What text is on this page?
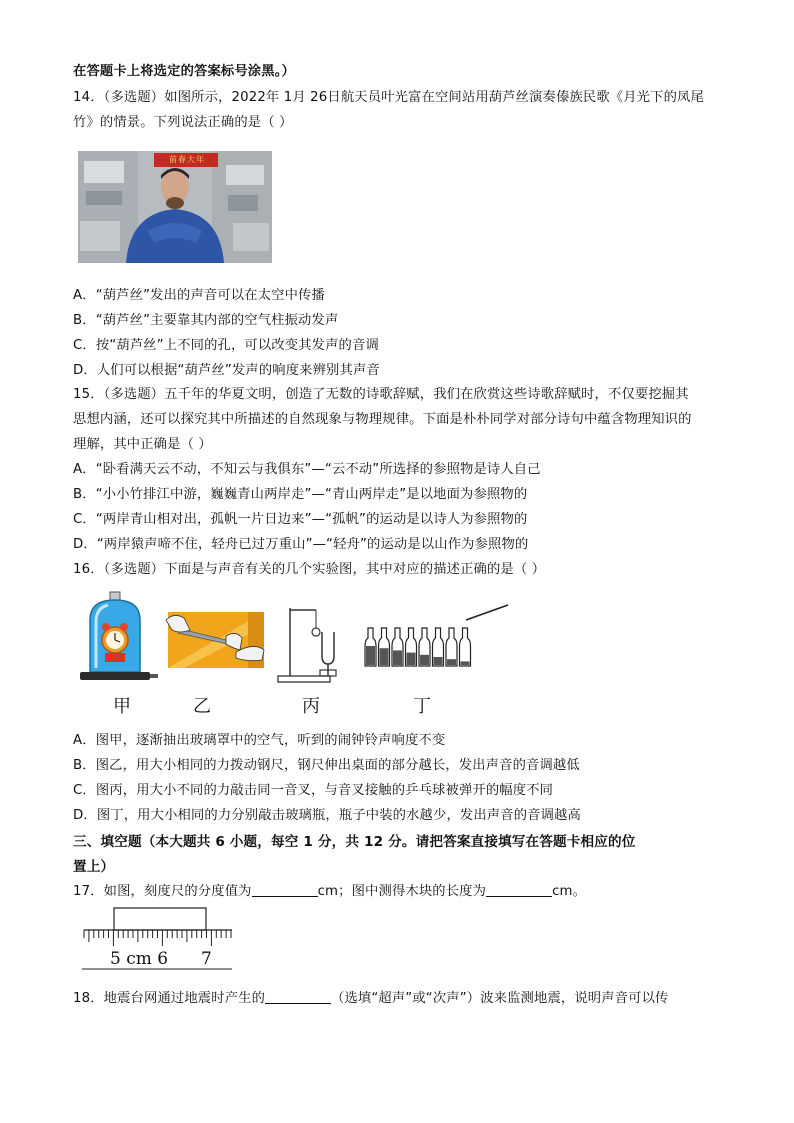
在答题卡上将选定的答案标号涂黑。）
14．（多选题）如图所示，2022年 1月 26日航天员叶光富在空间站用葫芦丝演奏傣族民歌《月光下的凤尾
竹》的情景。下列说法正确的是（ ）
前春大年
A．“葫芦丝”发出的声音可以在太空中传播
B．“葫芦丝”主要靠其内部的空气柱振动发声
C．按“葫芦丝”上不同的孔，可以改变其发声的音调
D．人们可以根据“葫芦丝”发声的响度来辨别其声音
15．（多选题）五千年的华夏文明，创造了无数的诗歌辞赋，我们在欣赏这些诗歌辞赋时，不仅要挖掘其
思想内涵，还可以探究其中所描述的自然现象与物理规律。下面是朴朴同学对部分诗句中蕴含物理知识的
理解，其中正确是（ ）
A．“卧看满天云不动，不知云与我俱东”—“云不动”所选择的参照物是诗人自己
B．“小小竹排江中游，巍巍青山两岸走”—“青山两岸走”是以地面为参照物的
C．“两岸青山相对出，孤帆一片日边来”—“孤帆”的运动是以诗人为参照物的
D．“两岸猿声啼不住，轻舟已过万重山”—“轻舟”的运动是以山作为参照物的
16．（多选题）下面是与声音有关的几个实验图，其中对应的描述正确的是（ ）
甲	乙	丙	丁
A．图甲，逐渐抽出玻璃罩中的空气，听到的闹钟铃声响度不变
B．图乙，用大小相同的力拨动钢尺，钢尺伸出桌面的部分越长，发出声音的音调越低
C．图丙，用大小不同的力敲击同一音叉，与音叉接触的乒乓球被弹开的幅度不同
D．图丁，用大小相同的力分别敲击玻璃瓶，瓶子中装的水越少，发出声音的音调越高
三、填空题（本大题共 6 小题，每空 1 分，共 12 分。请把答案直接填写在答题卡相应的位
置上）
17．如图，刻度尺的分度值为	cm；图中测得木块的长度为	cm。
5 cm 6 7
18．地震台网通过地震时产生的	（选填“超声”或“次声”）波来监测地震，说明声音可以传
